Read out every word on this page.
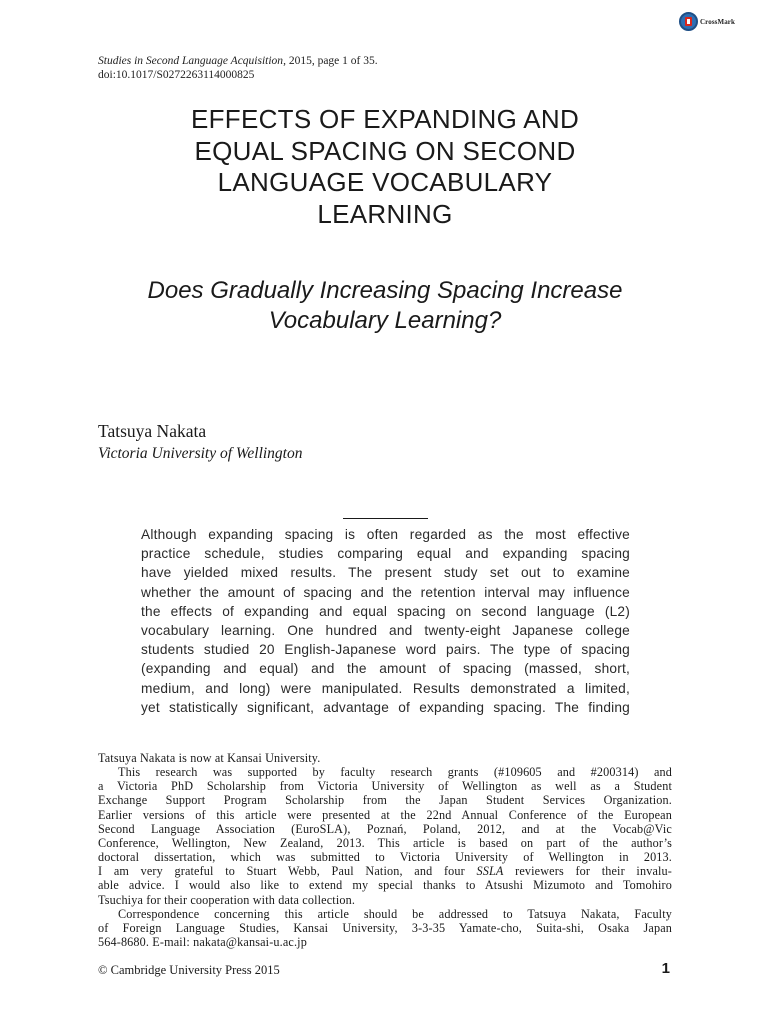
CrossMark
Studies in Second Language Acquisition, 2015, page 1 of 35.
doi:10.1017/S0272263114000825
EFFECTS OF EXPANDING AND
EQUAL SPACING ON SECOND
LANGUAGE VOCABULARY
LEARNING
Does Gradually Increasing Spacing Increase
Vocabulary Learning?
Tatsuya Nakata
Victoria University of Wellington

Although expanding spacing is often regarded as the most effective
practice schedule, studies comparing equal and expanding spacing
have yielded mixed results. The present study set out to examine
whether the amount of spacing and the retention interval may influence
the effects of expanding and equal spacing on second language (L2)
vocabulary learning. One hundred and twenty-eight Japanese college
students studied 20 English-Japanese word pairs. The type of spacing
(expanding and equal) and the amount of spacing (massed, short,
medium, and long) were manipulated. Results demonstrated a limited,
yet statistically significant, advantage of expanding spacing. The finding

Tatsuya Nakata is now at Kansai University.
This research was supported by faculty research grants (#109605 and #200314) and
a Victoria PhD Scholarship from Victoria University of Wellington as well as a Student
Exchange Support Program Scholarship from the Japan Student Services Organization.
Earlier versions of this article were presented at the 22nd Annual Conference of the European
Second Language Association (EuroSLA), Poznań, Poland, 2012, and at the Vocab@Vic
Conference, Wellington, New Zealand, 2013. This article is based on part of the author’s
doctoral dissertation, which was submitted to Victoria University of Wellington in 2013.
I am very grateful to Stuart Webb, Paul Nation, and four SSLA reviewers for their invalu-
able advice. I would also like to extend my special thanks to Atsushi Mizumoto and Tomohiro
Tsuchiya for their cooperation with data collection.
Correspondence concerning this article should be addressed to Tatsuya Nakata, Faculty
of Foreign Language Studies, Kansai University, 3-3-35 Yamate-cho, Suita-shi, Osaka Japan
564-8680. E-mail: nakata@kansai-u.ac.jp
© Cambridge University Press 2015	1
